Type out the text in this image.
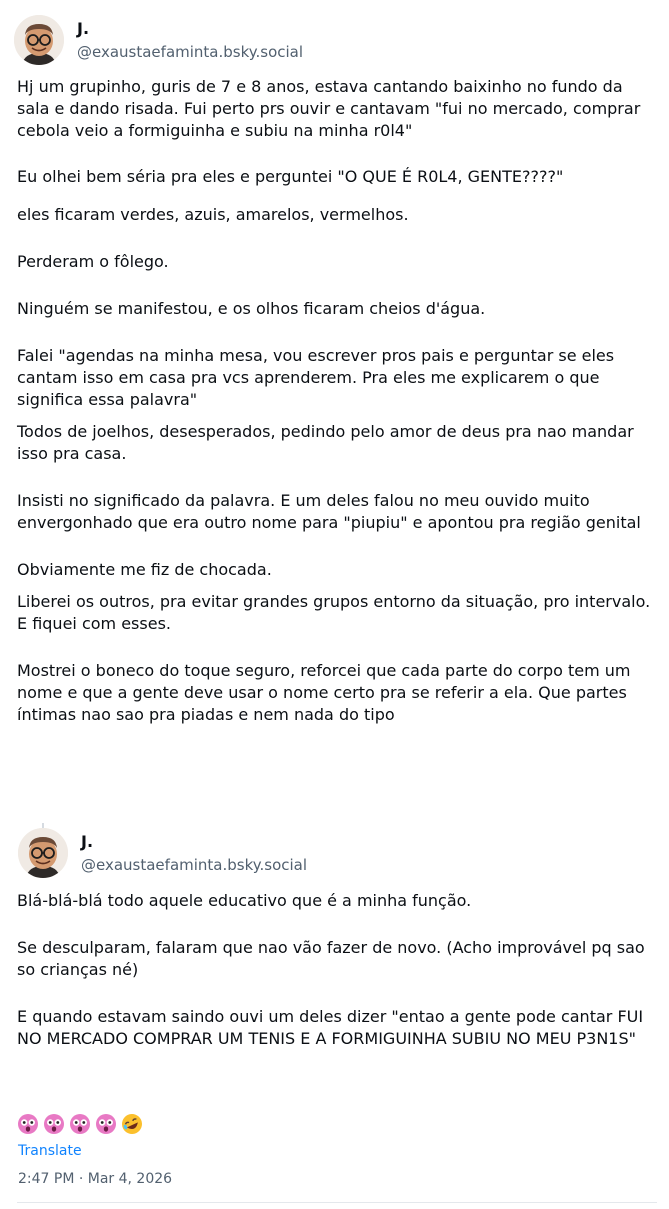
J.
@exaustaefaminta.bsky.social

Hj um grupinho, guris de 7 e 8 anos, estava cantando baixinho no fundo da sala e dando risada. Fui perto prs ouvir e cantavam "fui no mercado, comprar cebola veio a formiguinha e subiu na minha r0l4"

Eu olhei bem séria pra eles e perguntei "O QUE É R0L4, GENTE????"

eles ficaram verdes, azuis, amarelos, vermelhos.

Perderam o fôlego.

Ninguém se manifestou, e os olhos ficaram cheios d'água.

Falei "agendas na minha mesa, vou escrever pros pais e perguntar se eles cantam isso em casa pra vcs aprenderem. Pra eles me explicarem o que significa essa palavra"

Todos de joelhos, desesperados, pedindo pelo amor de deus pra nao mandar isso pra casa.

Insisti no significado da palavra. E um deles falou no meu ouvido muito envergonhado que era outro nome para "piupiu" e apontou pra região genital

Obviamente me fiz de chocada.

Liberei os outros, pra evitar grandes grupos entorno da situação, pro intervalo. E fiquei com esses.

Mostrei o boneco do toque seguro, reforcei que cada parte do corpo tem um nome e que a gente deve usar o nome certo pra se referir a ela. Que partes íntimas nao sao pra piadas e nem nada do tipo

J.
@exaustaefaminta.bsky.social

Blá-blá-blá todo aquele educativo que é a minha função.

Se desculparam, falaram que nao vão fazer de novo. (Acho improvável pq sao so crianças né)

E quando estavam saindo ouvi um deles dizer "entao a gente pode cantar FUI NO MERCADO COMPRAR UM TENIS E A FORMIGUINHA SUBIU NO MEU P3N1S"

Translate
2:47 PM · Mar 4, 2026
